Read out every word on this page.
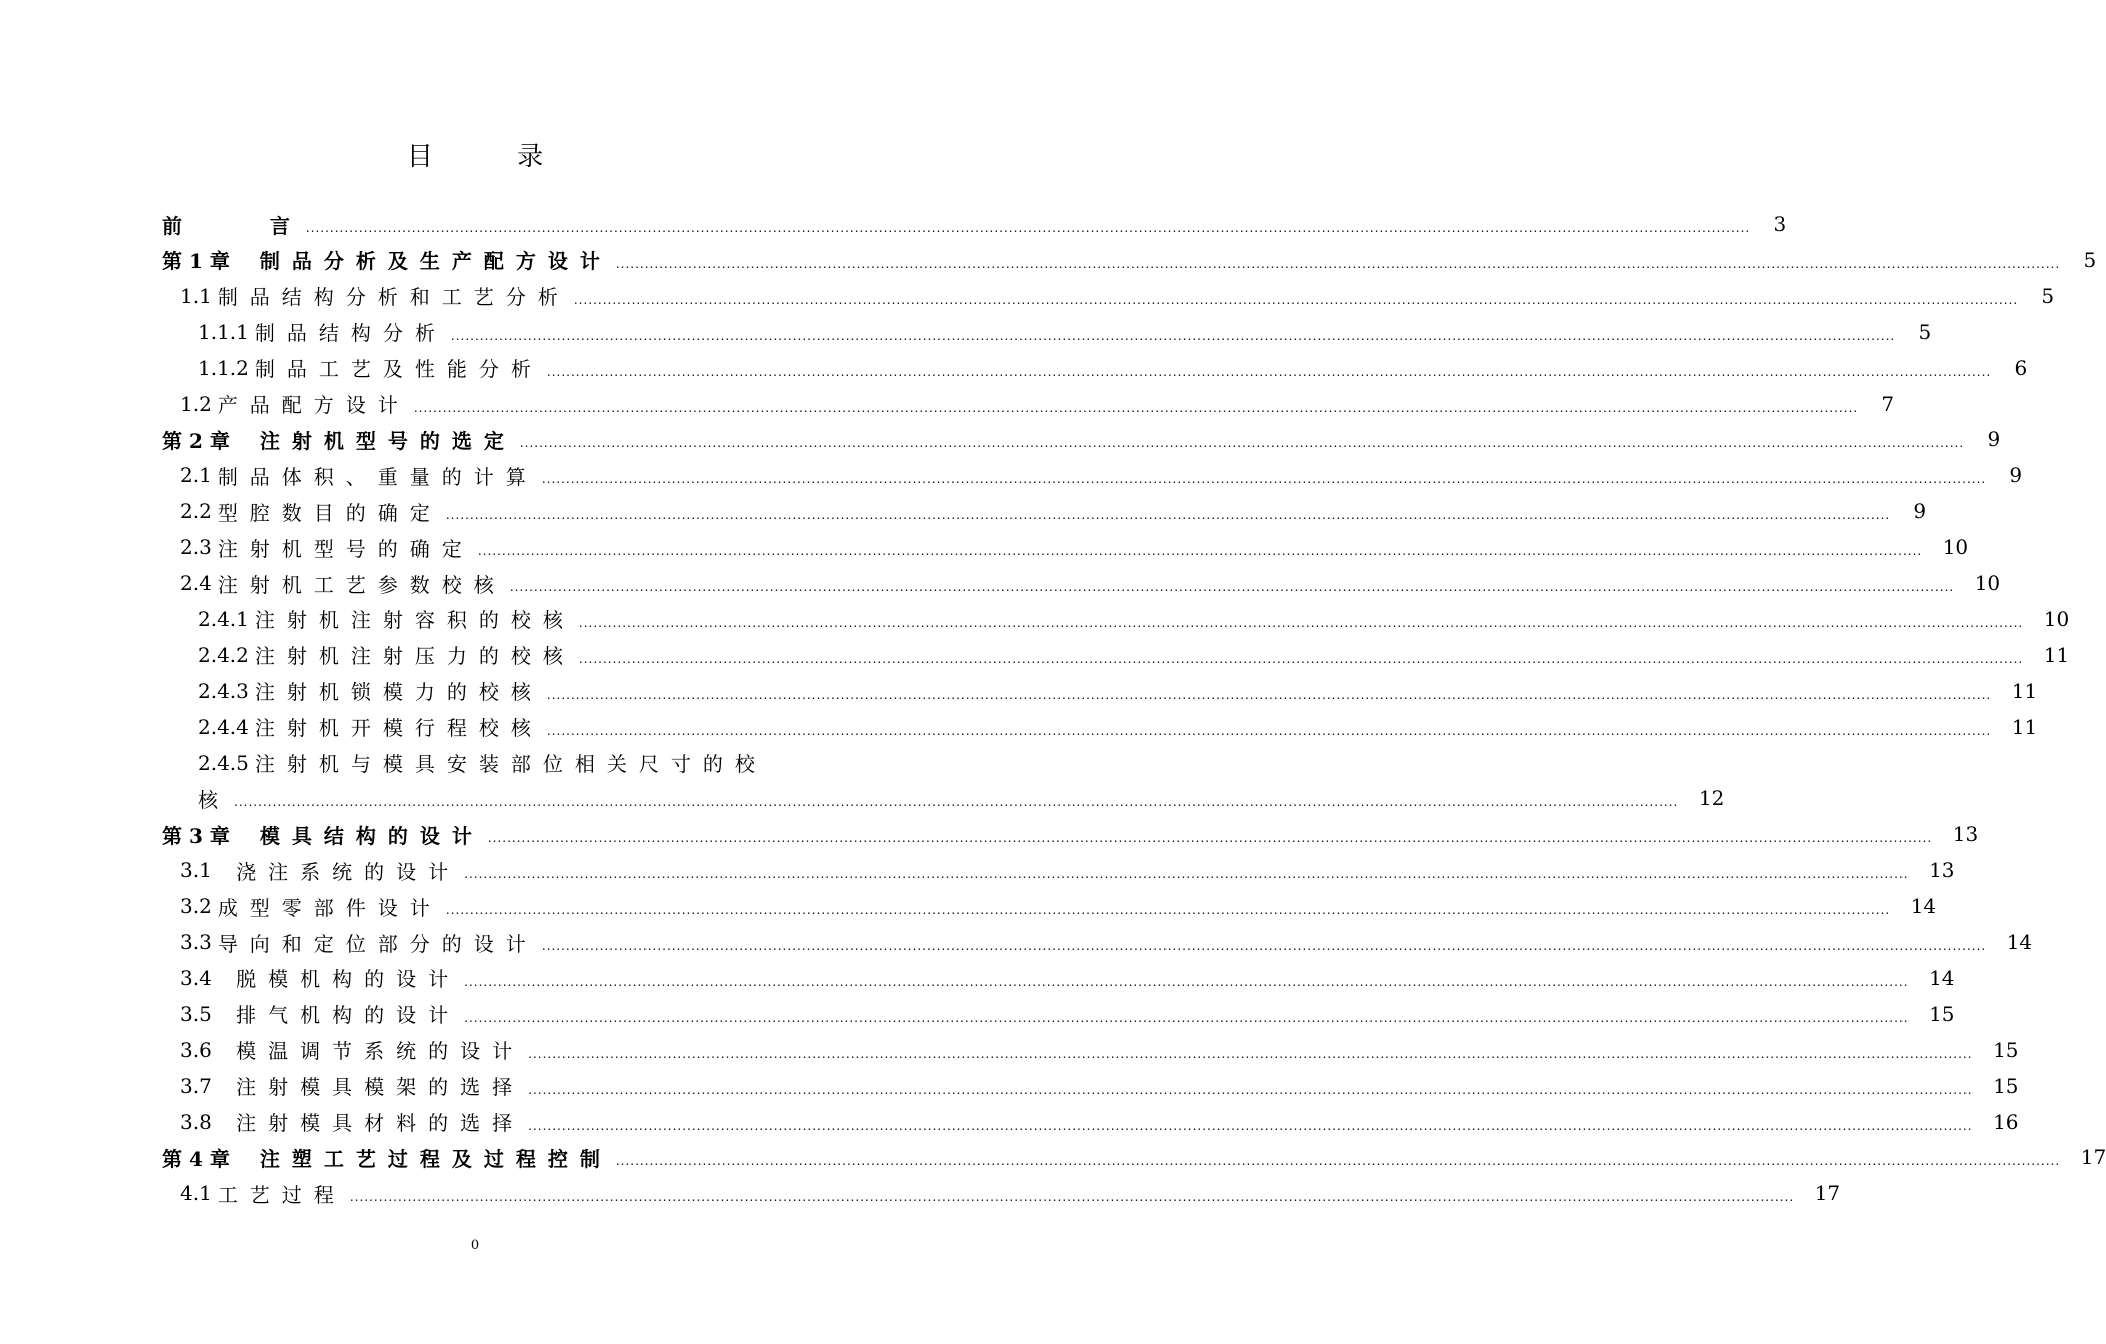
目 录
前    言 ............................................................................................................................................................................................................................................................................................................	3
第 1 章 制品分析及生产配方设计 ............................................................................................................................................................................................................................................................................................................	5
1.1 制品结构分析和工艺分析 ............................................................................................................................................................................................................................................................................................................	5
1.1.1 制品结构分析 ............................................................................................................................................................................................................................................................................................................	5
1.1.2 制品工艺及性能分析 ............................................................................................................................................................................................................................................................................................................	6
1.2 产品配方设计 ............................................................................................................................................................................................................................................................................................................	7
第 2 章 注射机型号的选定 ............................................................................................................................................................................................................................................................................................................	9
2.1 制品体积、重量的计算 ............................................................................................................................................................................................................................................................................................................	9
2.2 型腔数目的确定 ............................................................................................................................................................................................................................................................................................................	9
2.3 注射机型号的确定 ............................................................................................................................................................................................................................................................................................................ 10
2.4 注射机工艺参数校核 ............................................................................................................................................................................................................................................................................................................ 10
2.4.1 注射机注射容积的校核 ............................................................................................................................................................................................................................................................................................................ 10
2.4.2 注射机注射压力的校核 ............................................................................................................................................................................................................................................................................................................ 11
2.4.3 注射机锁模力的校核 ............................................................................................................................................................................................................................................................................................................ 11
2.4.4 注射机开模行程校核 ............................................................................................................................................................................................................................................................................................................ 11
2.4.5 注射机与模具安装部位相关尺寸的校
核 ............................................................................................................................................................................................................................................................................................................ 12
第 3 章 模具结构的设计 ............................................................................................................................................................................................................................................................................................................ 13
3.1 浇注系统的设计 ............................................................................................................................................................................................................................................................................................................ 13
3.2 成型零部件设计 ............................................................................................................................................................................................................................................................................................................ 14
3.3 导向和定位部分的设计 ............................................................................................................................................................................................................................................................................................................ 14
3.4 脱模机构的设计 ............................................................................................................................................................................................................................................................................................................ 14
3.5 排气机构的设计 ............................................................................................................................................................................................................................................................................................................ 15
3.6 模温调节系统的设计 ............................................................................................................................................................................................................................................................................................................ 15
3.7 注射模具模架的选择 ............................................................................................................................................................................................................................................................................................................ 15
3.8 注射模具材料的选择 ............................................................................................................................................................................................................................................................................................................ 16
第 4 章 注塑工艺过程及过程控制 ............................................................................................................................................................................................................................................................................................................ 17
4.1 工艺过程 ............................................................................................................................................................................................................................................................................................................ 17
0
